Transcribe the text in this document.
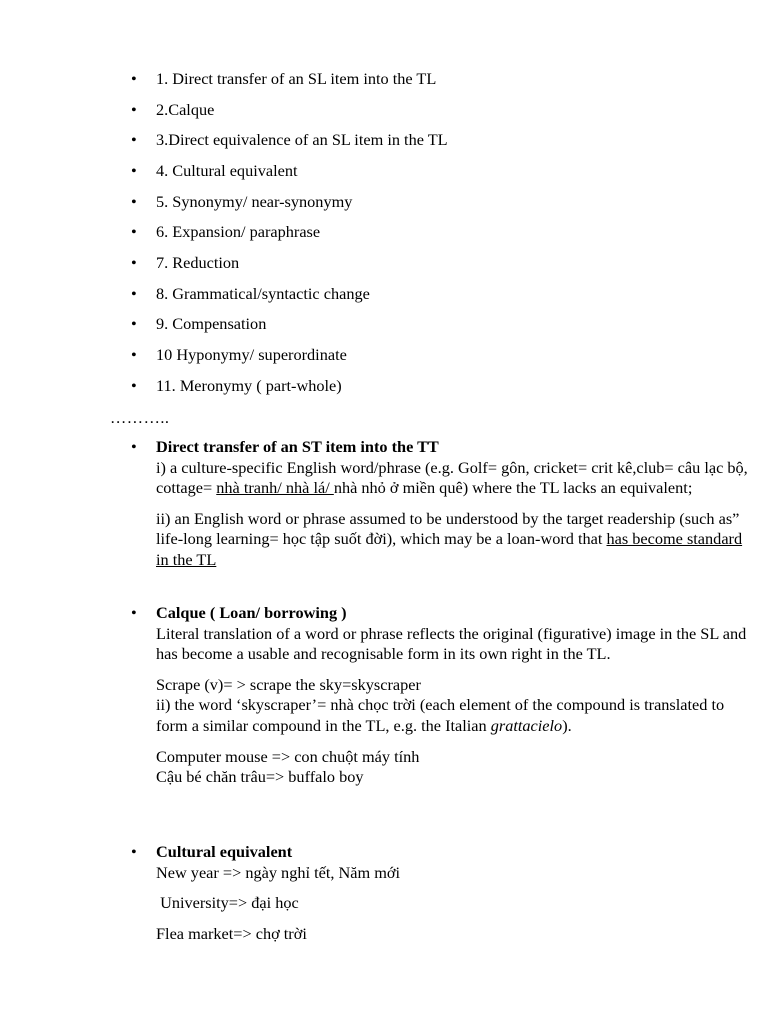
• 1. Direct transfer of an SL item into the TL
• 2.Calque
• 3.Direct equivalence of an SL item in the TL
• 4. Cultural equivalent
• 5. Synonymy/ near-synonymy
• 6. Expansion/ paraphrase
• 7. Reduction
• 8. Grammatical/syntactic change
• 9. Compensation
• 10 Hyponymy/ superordinate
• 11. Meronymy ( part-whole)
………..
• Direct transfer of an ST item into the TT

i) a culture-specific English word/phrase (e.g. Golf= gôn, cricket= crit kê,club= câu lạc bộ, cottage= nhà tranh/ nhà lá/ nhà nhỏ ở miền quê) where the TL lacks an equivalent;

ii) an English word or phrase assumed to be understood by the target readership (such as” life-long learning= học tập suốt đời), which may be a loan-word that has become standard in the TL

• Calque ( Loan/ borrowing )

Literal translation of a word or phrase reflects the original (figurative) image in the SL and has become a usable and recognisable form in its own right in the TL.

Scrape (v)= > scrape the sky=skyscraper
ii) the word ‘skyscraper’= nhà chọc trời (each element of the compound is translated to form a similar compound in the TL, e.g. the Italian grattacielo).

Computer mouse => con chuột máy tính
Cậu bé chăn trâu=> buffalo boy

• Cultural equivalent

New year => ngày nghỉ tết, Năm mới

University=> đại học

Flea market=> chợ trời
